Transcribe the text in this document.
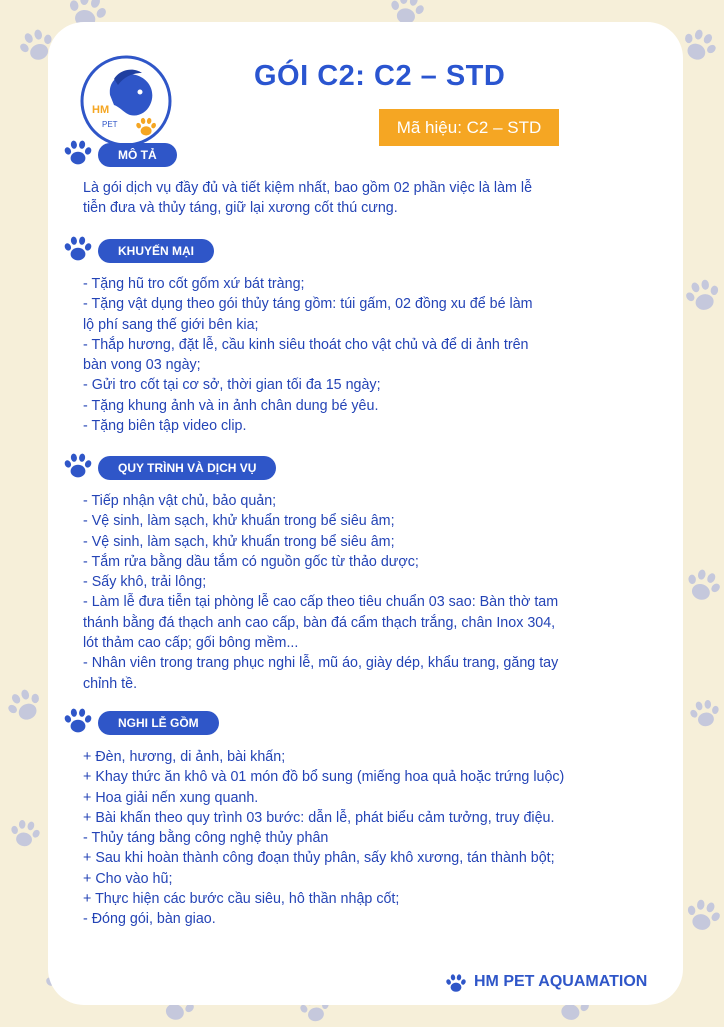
HM
PET
GÓI C2: C2 – STD
Mã hiệu: C2 – STD
MÔ TẢ
Là gói dịch vụ đầy đủ và tiết kiệm nhất, bao gồm 02 phần việc là làm lễ
tiễn đưa và thủy táng, giữ lại xương cốt thú cưng.
KHUYẾN MẠI
- Tặng hũ tro cốt gốm xứ bát tràng;
- Tặng vật dụng theo gói thủy táng gồm: túi gấm, 02 đồng xu để bé làm
lộ phí sang thế giới bên kia;
- Thắp hương, đặt lễ, cầu kinh siêu thoát cho vật chủ và để di ảnh trên
bàn vong 03 ngày;
- Gửi tro cốt tại cơ sở, thời gian tối đa 15 ngày;
- Tặng khung ảnh và in ảnh chân dung bé yêu.
- Tặng biên tập video clip.
QUY TRÌNH VÀ DỊCH VỤ
- Tiếp nhận vật chủ, bảo quản;
- Vệ sinh, làm sạch, khử khuẩn trong bể siêu âm;
- Vệ sinh, làm sạch, khử khuẩn trong bể siêu âm;
- Tắm rửa bằng dầu tắm có nguồn gốc từ thảo dược;
- Sấy khô, trải lông;
- Làm lễ đưa tiễn tại phòng lễ cao cấp theo tiêu chuẩn 03 sao: Bàn thờ tam
thánh bằng đá thạch anh cao cấp, bàn đá cẩm thạch trắng, chân Inox 304,
lót thảm cao cấp; gối bông mềm...
- Nhân viên trong trang phục nghi lễ, mũ áo, giày dép, khẩu trang, găng tay
chỉnh tề.
NGHI LỄ GỒM
+ Đèn, hương, di ảnh, bài khấn;
+ Khay thức ăn khô và 01 món đồ bổ sung (miếng hoa quả hoặc trứng luộc)
+ Hoa giải nến xung quanh.
+ Bài khấn theo quy trình 03 bước: dẫn lễ, phát biểu cảm tưởng, truy điệu.
- Thủy táng bằng công nghệ thủy phân
+ Sau khi hoàn thành công đoạn thủy phân, sấy khô xương, tán thành bột;
+ Cho vào hũ;
+ Thực hiện các bước cầu siêu, hô thần nhập cốt;
- Đóng gói, bàn giao.
HM PET AQUAMATION
